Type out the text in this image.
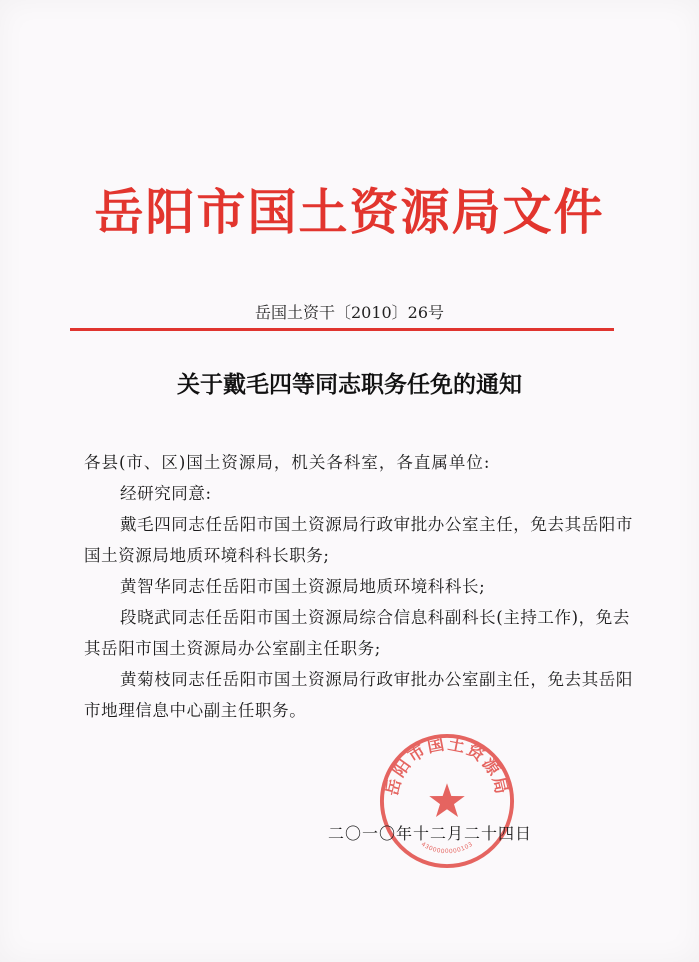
岳阳市国土资源局文件
岳国土资干〔2010〕26号
关于戴毛四等同志职务任免的通知

各县(市、区)国土资源局，机关各科室，各直属单位:

经研究同意:

戴毛四同志任岳阳市国土资源局行政审批办公室主任，免去其岳阳市国土资源局地质环境科科长职务;

黄智华同志任岳阳市国土资源局地质环境科科长;

段晓武同志任岳阳市国土资源局综合信息科副科长(主持工作)，免去其岳阳市国土资源局办公室副主任职务;

黄菊枝同志任岳阳市国土资源局行政审批办公室副主任，免去其岳阳市地理信息中心副主任职务。

岳阳市国土资源局
4300000000103
二〇一〇年十二月二十四日
